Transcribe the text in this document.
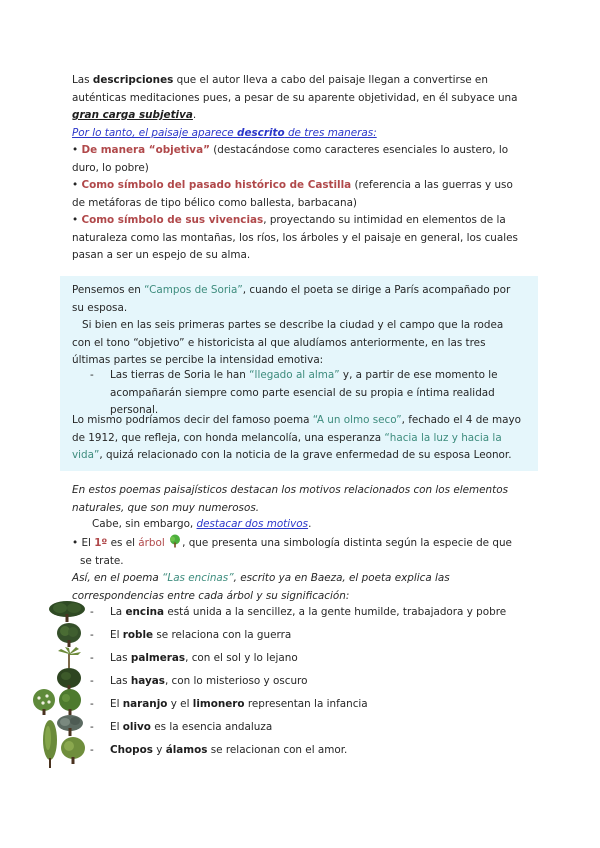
Las descripciones que el autor lleva a cabo del paisaje llegan a convertirse en auténticas meditaciones pues, a pesar de su aparente objetividad, en él subyace una gran carga subjetiva.
Por lo tanto, el paisaje aparece descrito de tres maneras:
• De manera “objetiva” (destacándose como caracteres esenciales lo austero, lo duro, lo pobre)
• Como símbolo del pasado histórico de Castilla (referencia a las guerras y uso de metáforas de tipo bélico como ballesta, barbacana)
• Como símbolo de sus vivencias, proyectando su intimidad en elementos de la naturaleza como las montañas, los ríos, los árboles y el paisaje en general, los cuales pasan a ser un espejo de su alma.
Pensemos en “Campos de Soria”, cuando el poeta se dirige a París acompañado por su esposa.
Si bien en las seis primeras partes se describe la ciudad y el campo que la rodea con el tono “objetivo” e historicista al que aludíamos anteriormente, en las tres últimas partes se percibe la intensidad emotiva:
- Las tierras de Soria le han “llegado al alma” y, a partir de ese momento le acompañarán siempre como parte esencial de su propia e íntima realidad personal.
Lo mismo podríamos decir del famoso poema “A un olmo seco”, fechado el 4 de mayo de 1912, que refleja, con honda melancolía, una esperanza “hacia la luz y hacia la vida”, quizá relacionado con la noticia de la grave enfermedad de su esposa Leonor.
En estos poemas paisajísticos destacan los motivos relacionados con los elementos naturales, que son muy numerosos.
Cabe, sin embargo, destacar dos motivos.
• El 1º es el árbol , que presenta una simbología distinta según la especie de que se trate.
Así, en el poema “Las encinas”, escrito ya en Baeza, el poeta explica las correspondencias entre cada árbol y su significación:
- La encina está unida a la sencillez, a la gente humilde, trabajadora y pobre
- El roble se relaciona con la guerra
- Las palmeras, con el sol y lo lejano
- Las hayas, con lo misterioso y oscuro
- El naranjo y el limonero representan la infancia
- El olivo es la esencia andaluza
- Chopos y álamos se relacionan con el amor.
